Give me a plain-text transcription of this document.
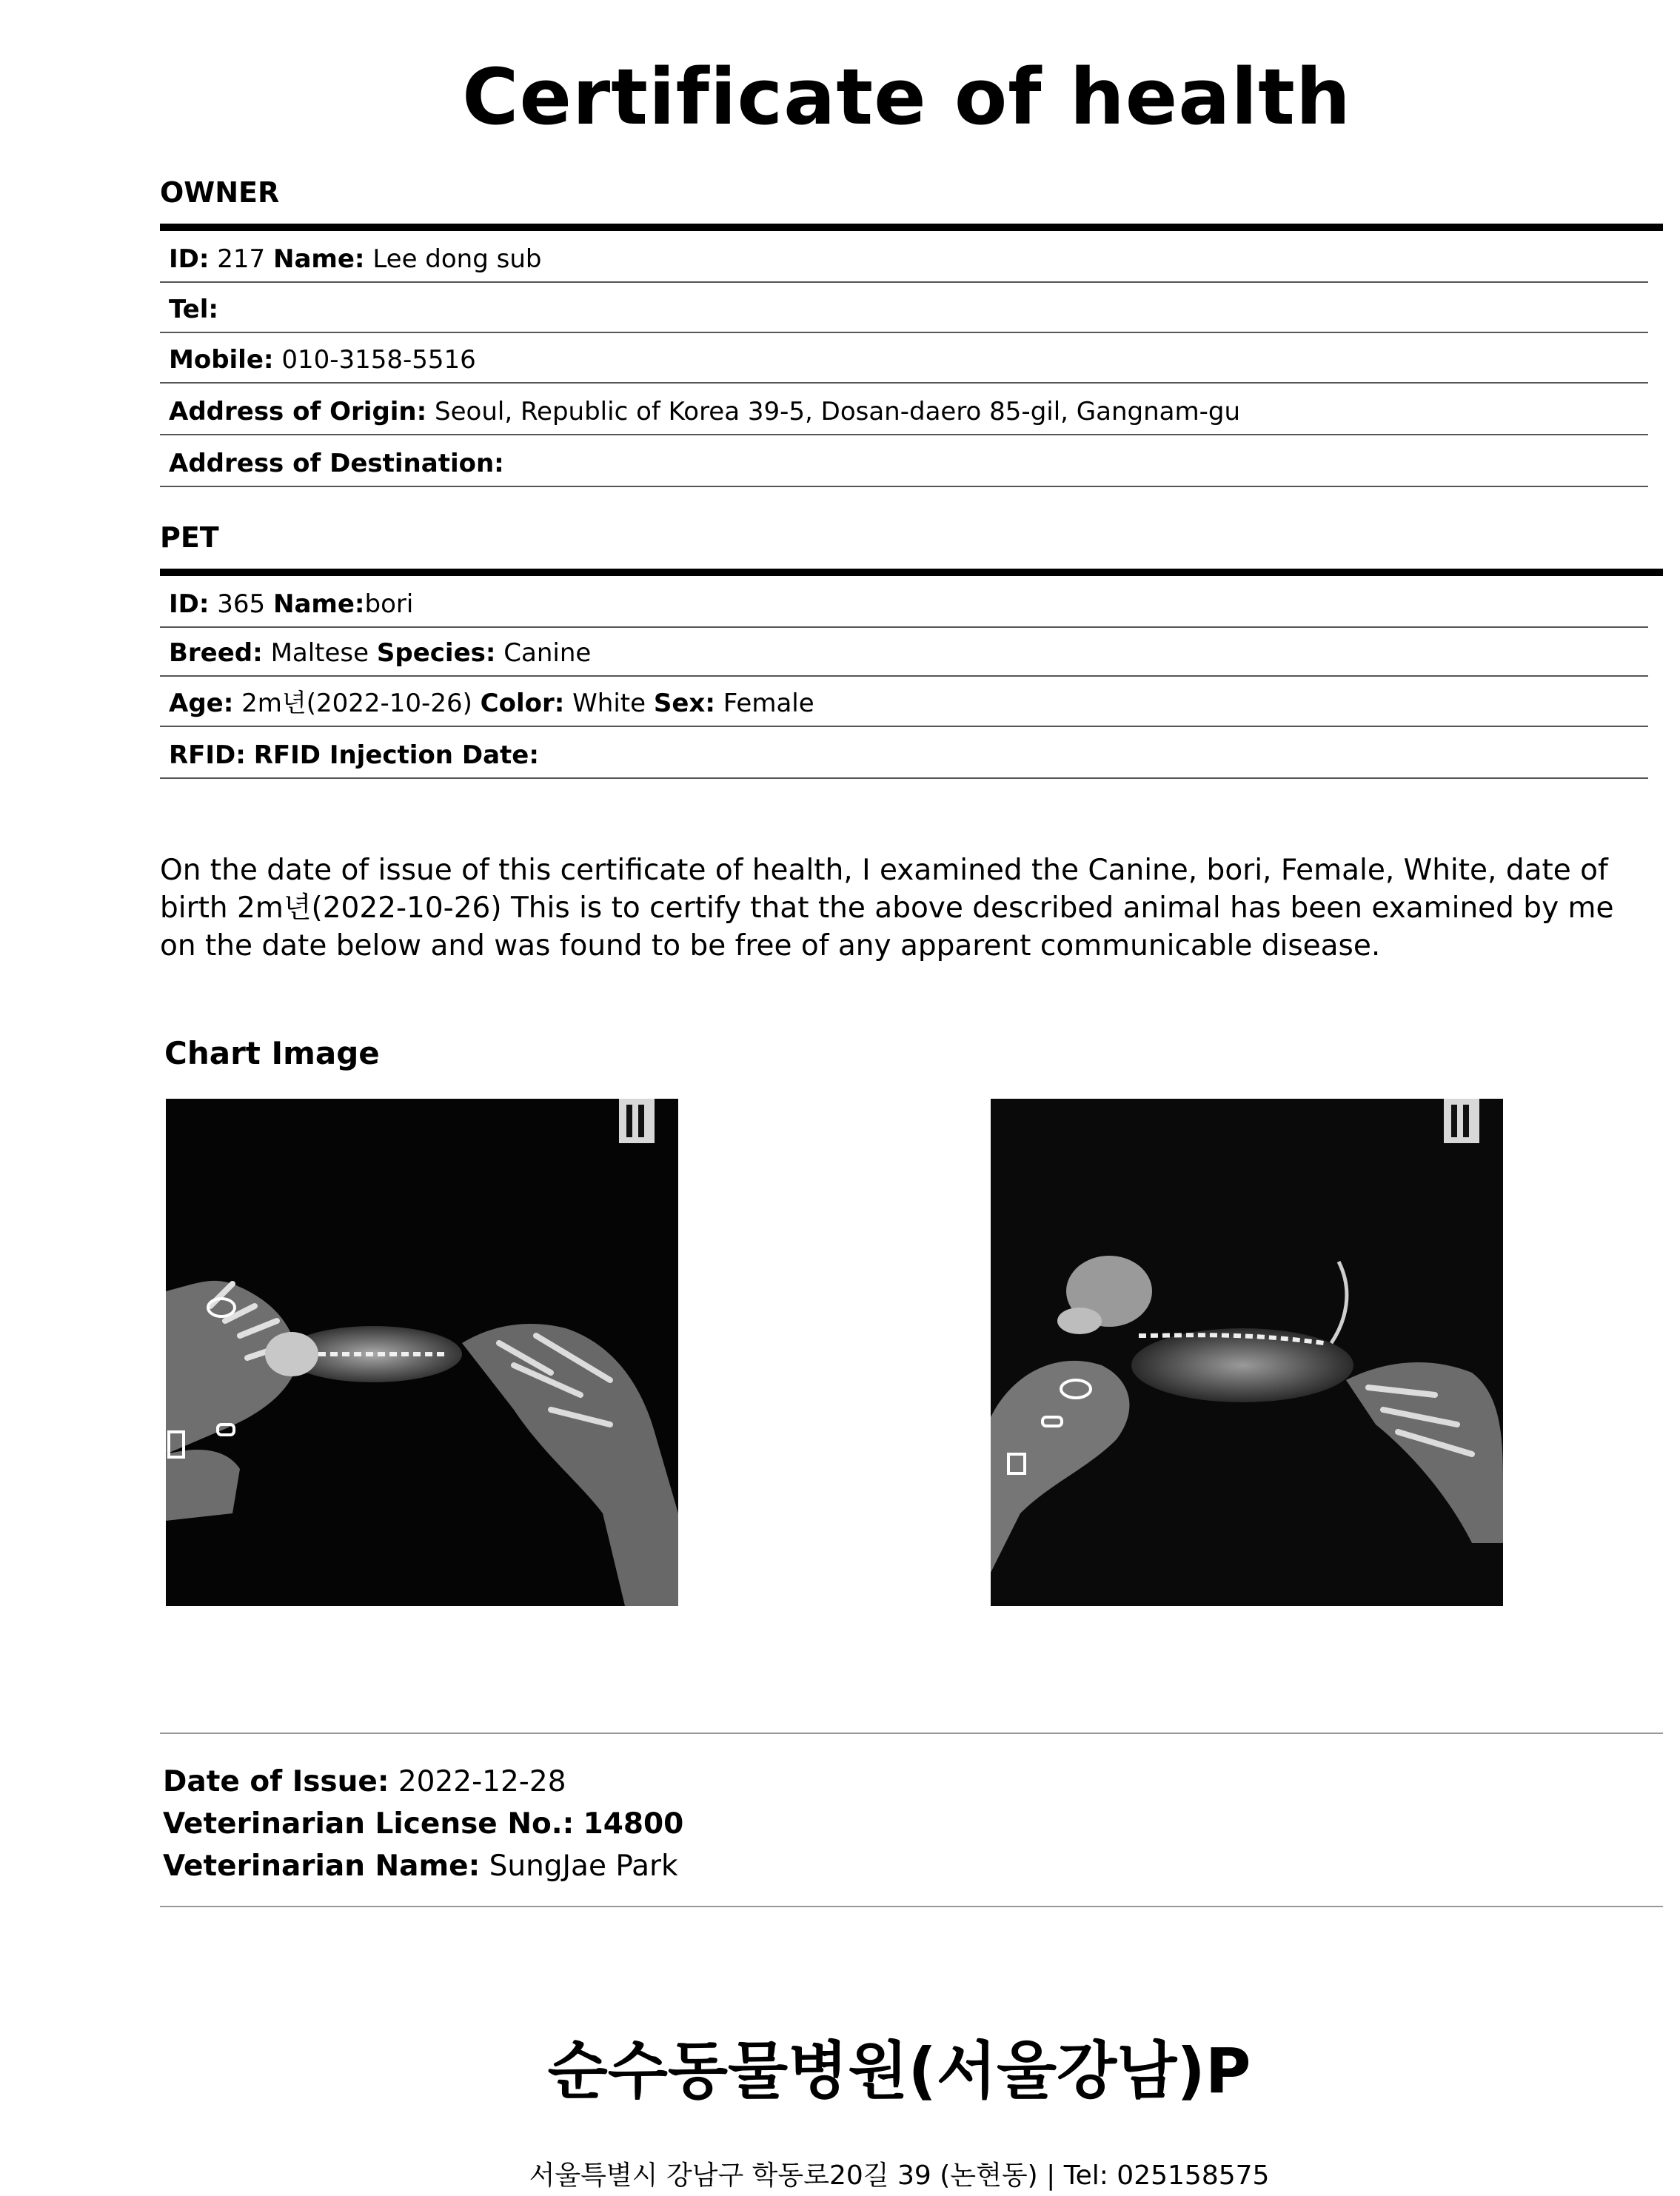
Certificate of health
OWNER
ID: 217 Name: Lee dong sub
Tel:
Mobile: 010-3158-5516
Address of Origin: Seoul, Republic of Korea 39-5, Dosan-daero 85-gil, Gangnam-gu
Address of Destination:
PET
ID: 365 Name:bori
Breed: Maltese Species: Canine
Age: 2m년(2022-10-26) Color: White Sex: Female
RFID: RFID Injection Date:
On the date of issue of this certificate of health, I examined the Canine, bori, Female, White, date of birth 2m년(2022-10-26) This is to certify that the above described animal has been examined by me on the date below and was found to be free of any apparent communicable disease.
Chart Image
Date of Issue: 2022-12-28
Veterinarian License No.: 14800
Veterinarian Name: SungJae Park
순수동물병원(서울강남)P
서울특별시 강남구 학동로20길 39 (논현동) | Tel: 025158575
